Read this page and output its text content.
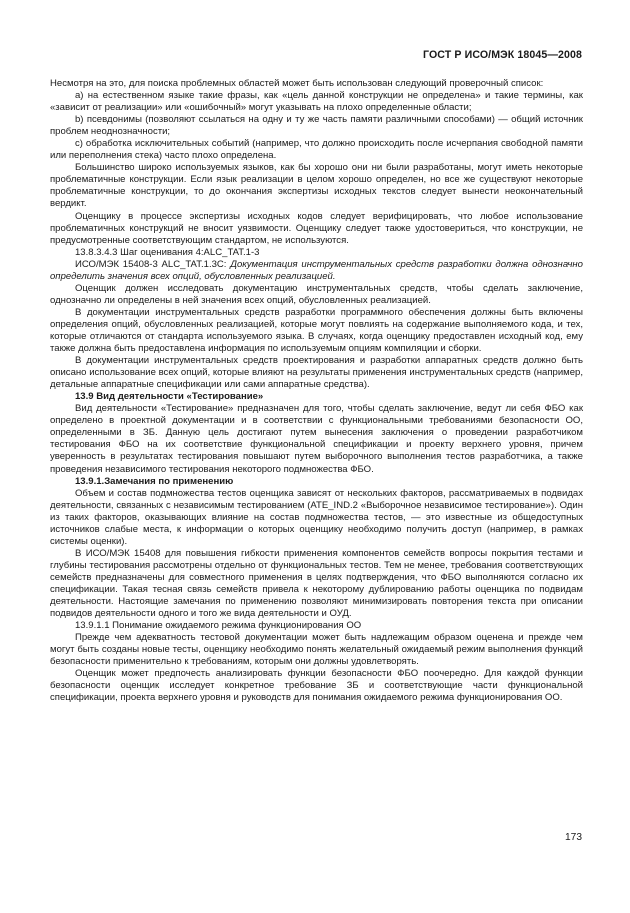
ГОСТ Р ИСО/МЭК 18045—2008

Несмотря на это, для поиска проблемных областей может быть использован следующий проверочный список:

а) на естественном языке такие фразы, как «цель данной конструкции не определена» и такие термины, как «зависит от реализации» или «ошибочный» могут указывать на плохо определенные области;

b) псевдонимы (позволяют ссылаться на одну и ту же часть памяти различными способами) — общий источник проблем неоднозначности;

с) обработка исключительных событий (например, что должно происходить после исчерпания свободной памяти или переполнения стека) часто плохо определена.

Большинство широко используемых языков, как бы хорошо они ни были разработаны, могут иметь некоторые проблематичные конструкции. Если язык реализации в целом хорошо определен, но все же существуют некоторые проблематичные конструкции, то до окончания экспертизы исходных текстов следует вынести неокончательный вердикт.

Оценщику в процессе экспертизы исходных кодов следует верифицировать, что любое использование проблематичных конструкций не вносит уязвимости. Оценщику следует также удостовериться, что конструкции, не предусмотренные соответствующим стандартом, не используются.

13.8.3.4.3 Шаг оценивания 4:ALC_TAT.1-3

ИСО/МЭК 15408-3 ALC_TAT.1.3C: Документация инструментальных средств разработки должна однозначно определить значения всех опций, обусловленных реализацией.

Оценщик должен исследовать документацию инструментальных средств, чтобы сделать заключение, однозначно ли определены в ней значения всех опций, обусловленных реализацией.

В документации инструментальных средств разработки программного обеспечения должны быть включены определения опций, обусловленных реализацией, которые могут повлиять на содержание выполняемого кода, и тех, которые отличаются от стандарта используемого языка. В случаях, когда оценщику предоставлен исходный код, ему также должна быть предоставлена информация по используемым опциям компиляции и сборки.

В документации инструментальных средств проектирования и разработки аппаратных средств должно быть описано использование всех опций, которые влияют на результаты применения инструментальных средств (например, детальные аппаратные спецификации или сами аппаратные средства).

13.9 Вид деятельности «Тестирование»

Вид деятельности «Тестирование» предназначен для того, чтобы сделать заключение, ведут ли себя ФБО как определено в проектной документации и в соответствии с функциональными требованиями безопасности ОО, определенными в ЗБ. Данную цель достигают путем вынесения заключения о проведении разработчиком тестирования ФБО на их соответствие функциональной спецификации и проекту верхнего уровня, причем уверенность в результатах тестирования повышают путем выборочного выполнения тестов разработчика, а также проведения независимого тестирования некоторого подмножества ФБО.

13.9.1.Замечания по применению

Объем и состав подмножества тестов оценщика зависят от нескольких факторов, рассматриваемых в подвидах деятельности, связанных с независимым тестированием (ATE_IND.2 «Выборочное независимое тестирование»). Один из таких факторов, оказывающих влияние на состав подмножества тестов, — это известные из общедоступных источников слабые места, к информации о которых оценщику необходимо получить доступ (например, в рамках системы оценки).

В ИСО/МЭК 15408 для повышения гибкости применения компонентов семейств вопросы покрытия тестами и глубины тестирования рассмотрены отдельно от функциональных тестов. Тем не менее, требования соответствующих семейств предназначены для совместного применения в целях подтверждения, что ФБО выполняются согласно их спецификации. Такая тесная связь семейств привела к некоторому дублированию работы оценщика по подвидам деятельности. Настоящие замечания по применению позволяют минимизировать повторения текста при описании подвидов деятельности одного и того же вида деятельности и ОУД.

13.9.1.1 Понимание ожидаемого режима функционирования ОО

Прежде чем адекватность тестовой документации может быть надлежащим образом оценена и прежде чем могут быть созданы новые тесты, оценщику необходимо понять желательный ожидаемый режим выполнения функций безопасности применительно к требованиям, которым они должны удовлетворять.

Оценщик может предпочесть анализировать функции безопасности ФБО поочередно. Для каждой функции безопасности оценщик исследует конкретное требование ЗБ и соответствующие части функциональной спецификации, проекта верхнего уровня и руководств для понимания ожидаемого режима функционирования ОО.

173
